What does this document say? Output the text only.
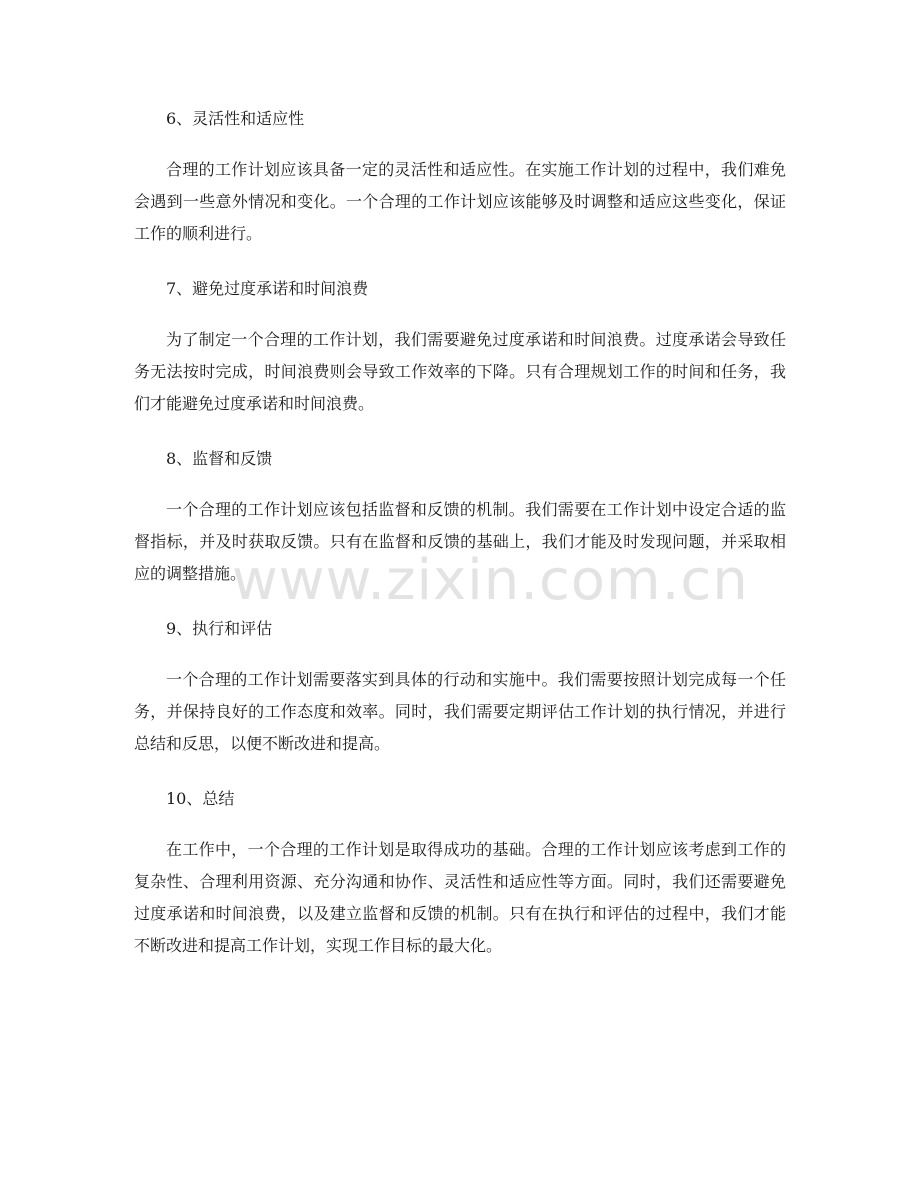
6、灵活性和适应性

合理的工作计划应该具备一定的灵活性和适应性。在实施工作计划的过程中，我们难免会遇到一些意外情况和变化。一个合理的工作计划应该能够及时调整和适应这些变化，保证工作的顺利进行。

7、避免过度承诺和时间浪费

为了制定一个合理的工作计划，我们需要避免过度承诺和时间浪费。过度承诺会导致任务无法按时完成，时间浪费则会导致工作效率的下降。只有合理规划工作的时间和任务，我们才能避免过度承诺和时间浪费。

8、监督和反馈

一个合理的工作计划应该包括监督和反馈的机制。我们需要在工作计划中设定合适的监督指标，并及时获取反馈。只有在监督和反馈的基础上，我们才能及时发现问题，并采取相应的调整措施。

9、执行和评估

一个合理的工作计划需要落实到具体的行动和实施中。我们需要按照计划完成每一个任务，并保持良好的工作态度和效率。同时，我们需要定期评估工作计划的执行情况，并进行总结和反思，以便不断改进和提高。

10、总结

在工作中，一个合理的工作计划是取得成功的基础。合理的工作计划应该考虑到工作的复杂性、合理利用资源、充分沟通和协作、灵活性和适应性等方面。同时，我们还需要避免过度承诺和时间浪费，以及建立监督和反馈的机制。只有在执行和评估的过程中，我们才能不断改进和提高工作计划，实现工作目标的最大化。

www.zixin.com.cn
